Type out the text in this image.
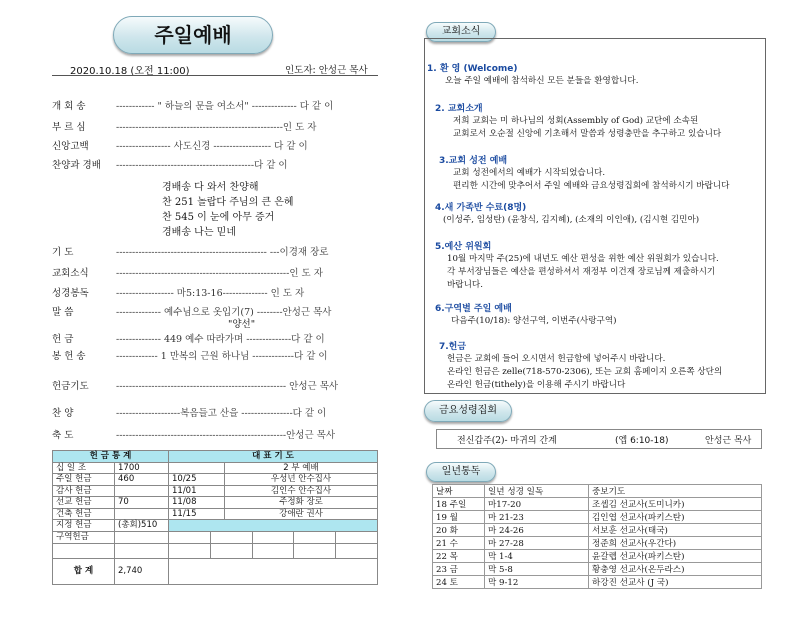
주일예배
2020.10.18 (오전 11:00)	인도자: 안성근 목사
개 회 송	------------ " 하늘의 문을 여소서" -------------- 다 같 이
부 르 심	----------------------------------------------------인 도 자
신앙고백	----------------- 사도신경 ------------------ 다 같 이
찬양과 경배 -------------------------------------------다 같 이
경배송 다 와서 찬양해
찬 251 놀랍다 주님의 큰 은혜
찬 545 이 눈에 아무 증거
경배송 나는 믿네
기 도	----------------------------------------------- ---이경재 장로
교회소식	------------------------------------------------------인 도 자
성경봉독	------------------ 마5:13-16-------------- 인 도 자
말 씀	-------------- 예수님으로 옷입기(7) --------안성근 목사
"양선"
헌 금	-------------- 449 예수 따라가며 --------------다 같 이
봉 헌 송	------------- 1 만복의 근원 하나님 -------------다 같 이
헌금기도	----------------------------------------------------- 안성근 목사
찬 양	--------------------복음들고 산을 ----------------다 같 이
축 도	-----------------------------------------------------안성근 목사
헌 금 통 계		대 표 기 도	
십 일 조	1700		2 부 예배
주일 헌금	460	10/25	우성넌 안수집사
감사 헌금		11/01	김인수 안수집사
선교 헌금	70	11/08	주정화 장로
건축 헌금		11/15	강애란 권사
지정 헌금	(총회)510		
구역헌금			

합 계	2,740		
교회소식
1. 환 영 (Welcome)
오늘 주일 예배에 참석하신 모든 분들을 환영합니다.
2. 교회소개
저희 교회는 미 하나님의 성회(Assembly of God) 교단에 소속된
교회로서 오순절 신앙에 기초해서 말씀과 성령충만을 추구하고 있습니다
3.교회 성전 예배
교회 성전에서의 예배가 시작되었습니다.
편리한 시간에 맞추어서 주일 예배와 금요성령집회에 참석하시기 바랍니다
4.새 가족반 수료(8명)
(이성주, 임성탄) (윤창식, 김지혜), (소재의 이인애), (김시현 김민아)
5.예산 위원회
10월 마지막 주(25)에 내년도 예산 편성을 위한 예산 위원회가 있습니다.
각 부서장님들은 예산을 편성하셔서 재정부 이건재 장로님께 제출하시기
바랍니다.
6.구역별 주일 예배
다음주(10/18): 양선구역, 이번주(사랑구역)
7.헌금
헌금은 교회에 들어 오시면서 헌금함에 넣어주시 바랍니다.
온라인 헌금은 zelle(718-570-2306), 또는 교회 홈페이지 오른쪽 상단의
온라인 헌금(tithely)을 이용해 주시기 바랍니다
금요성령집회
전신갑주(2)- 마귀의 간계	(엡 6:10-18)	안성근 목사
일년통독
날짜	일년 성경 일독	중보기도
18 주일	마17-20	조셉김 선교사(도미니카)
19 월	마 21-23	김인엽 선교사(파키스탄)
20 화	마 24-26	서보훈 선교사(태국)
21 수	마 27-28	정준희 선교사(우간다)
22 목	막 1-4	윤갈렙 선교사(파키스탄)
23 금	막 5-8	황충영 선교사(온두라스)
24 토	막 9-12	하강진 선교사 (J 국)
